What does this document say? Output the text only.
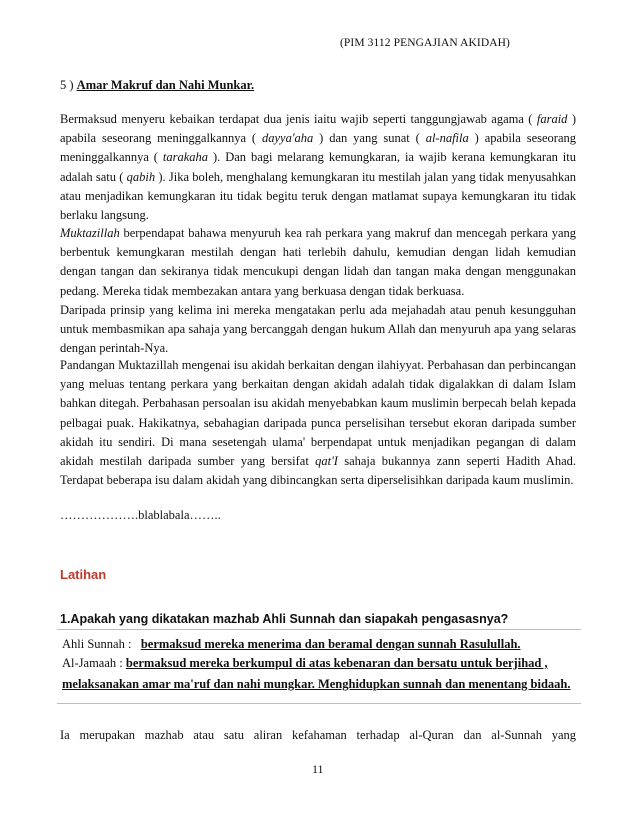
(PIM 3112 PENGAJIAN AKIDAH)
5 ) Amar Makruf dan Nahi Munkar.
Bermaksud menyeru kebaikan terdapat dua jenis iaitu wajib seperti tanggungjawab agama ( faraid ) apabila seseorang meninggalkannya ( dayya'aha ) dan yang sunat ( al-nafila ) apabila seseorang meninggalkannya ( tarakaha ). Dan bagi melarang kemungkaran, ia wajib kerana kemungkaran itu adalah satu ( qabih ). Jika boleh, menghalang kemungkaran itu mestilah jalan yang tidak menyusahkan atau menjadikan kemungkaran itu tidak begitu teruk dengan matlamat supaya kemungkaran itu tidak berlaku langsung.
Muktazillah berpendapat bahawa menyuruh kea rah perkara yang makruf dan mencegah perkara yang berbentuk kemungkaran mestilah dengan hati terlebih dahulu, kemudian dengan lidah kemudian dengan tangan dan sekiranya tidak mencukupi dengan lidah dan tangan maka dengan menggunakan pedang. Mereka tidak membezakan antara yang berkuasa dengan tidak berkuasa.
Daripada prinsip yang kelima ini mereka mengatakan perlu ada mejahadah atau penuh kesungguhan untuk membasmikan apa sahaja yang bercanggah dengan hukum Allah dan menyuruh apa yang selaras dengan perintah-Nya.
Pandangan Muktazillah mengenai isu akidah berkaitan dengan ilahiyyat. Perbahasan dan perbincangan yang meluas tentang perkara yang berkaitan dengan akidah adalah tidak digalakkan di dalam Islam bahkan ditegah. Perbahasan persoalan isu akidah menyebabkan kaum muslimin berpecah belah kepada pelbagai puak. Hakikatnya, sebahagian daripada punca perselisihan tersebut ekoran daripada sumber akidah itu sendiri. Di mana sesetengah ulama' berpendapat untuk menjadikan pegangan di dalam akidah mestilah daripada sumber yang bersifat qat'I sahaja bukannya zann seperti Hadith Ahad. Terdapat beberapa isu dalam akidah yang dibincangkan serta diperselisihkan daripada kaum muslimin.
……………….blablabala……..
Latihan
1.Apakah yang dikatakan mazhab Ahli Sunnah dan siapakah pengasasnya?
Ahli Sunnah : bermaksud mereka menerima dan beramal dengan sunnah Rasulullah.
Al-Jamaah : bermaksud mereka berkumpul di atas kebenaran dan bersatu untuk berjihad ,
melaksanakan amar ma'ruf dan nahi mungkar. Menghidupkan sunnah dan menentang bidaah.
Ia merupakan mazhab atau satu aliran kefahaman terhadap al-Quran dan al-Sunnah yang
11
